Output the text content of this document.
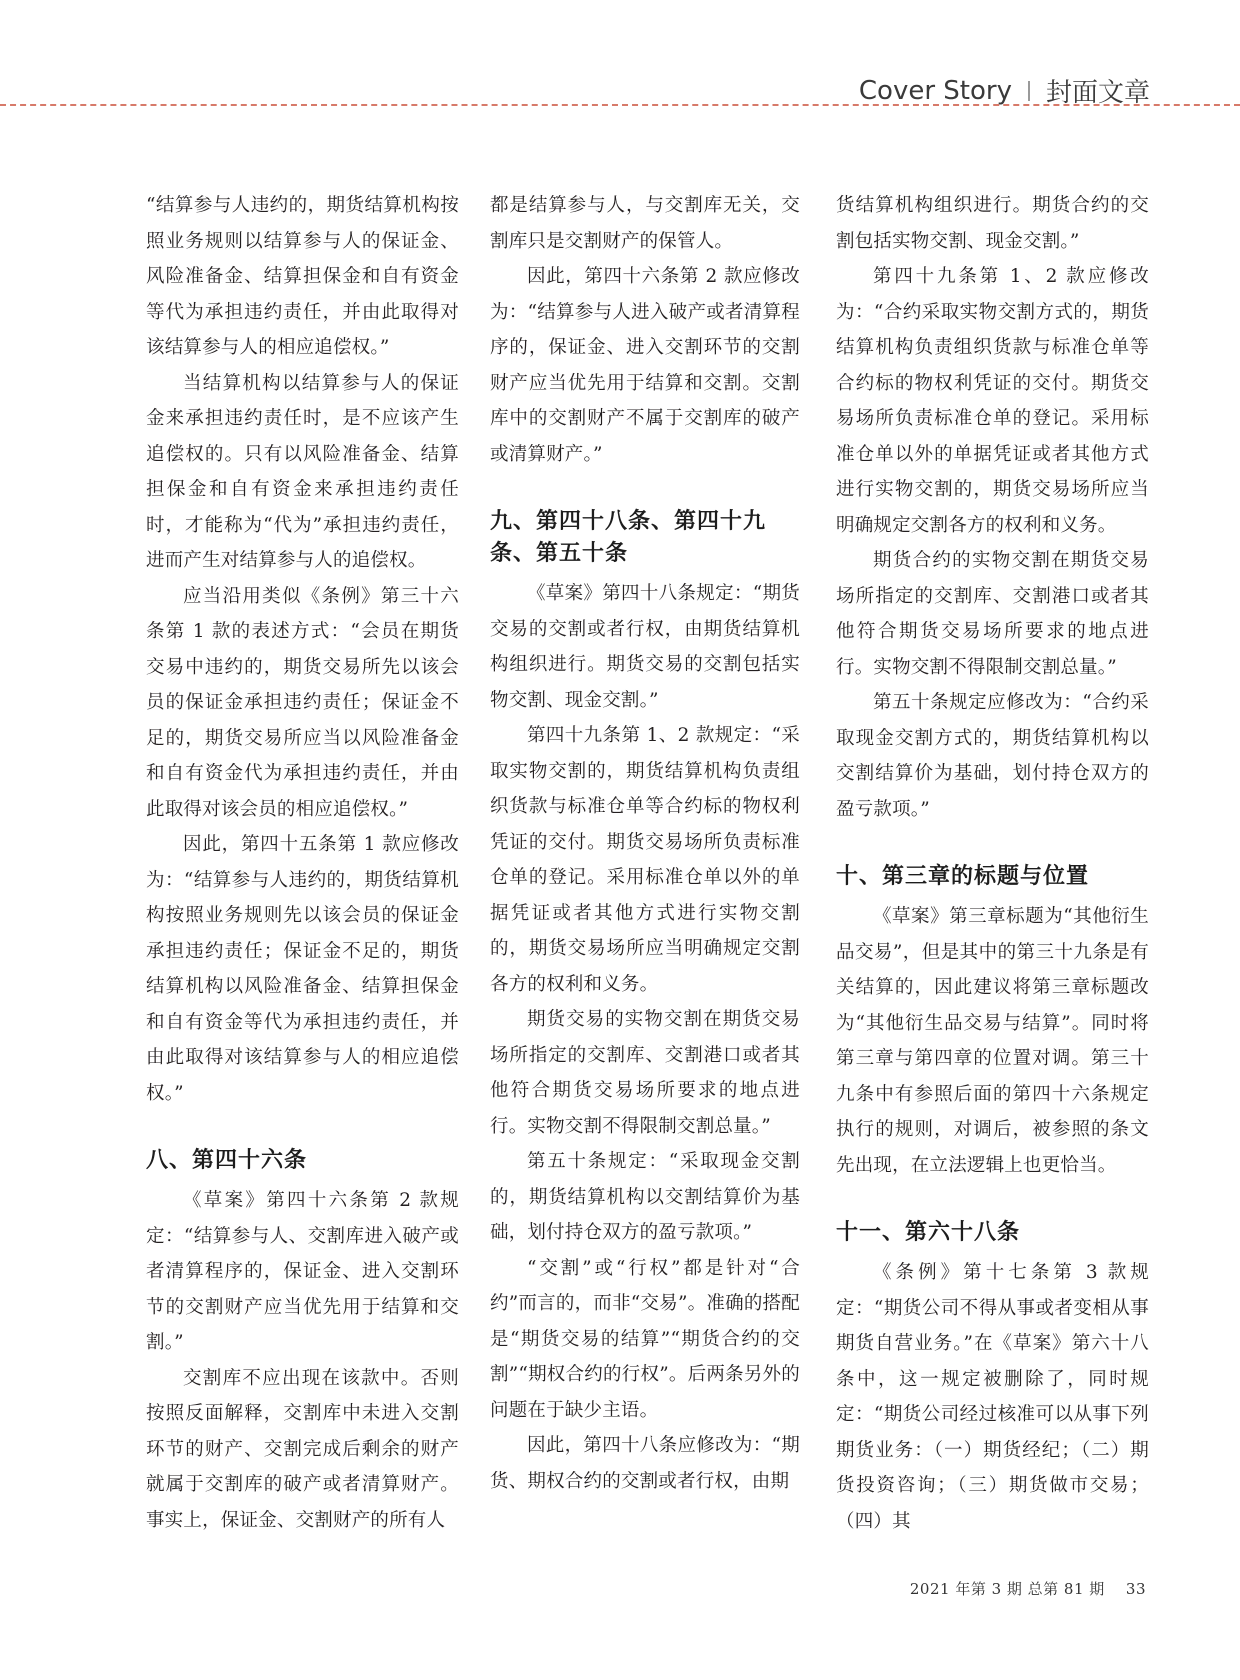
Cover Story 封面文章

“结算参与人违约的，期货结算机构按照业务规则以结算参与人的保证金、风险准备金、结算担保金和自有资金等代为承担违约责任，并由此取得对该结算参与人的相应追偿权。”

当结算机构以结算参与人的保证金来承担违约责任时，是不应该产生追偿权的。只有以风险准备金、结算担保金和自有资金来承担违约责任时，才能称为“代为”承担违约责任，进而产生对结算参与人的追偿权。

应当沿用类似《条例》第三十六条第 1 款的表述方式：“会员在期货交易中违约的，期货交易所先以该会员的保证金承担违约责任；保证金不足的，期货交易所应当以风险准备金和自有资金代为承担违约责任，并由此取得对该会员的相应追偿权。”

因此，第四十五条第 1 款应修改为：“结算参与人违约的，期货结算机构按照业务规则先以该会员的保证金承担违约责任；保证金不足的，期货结算机构以风险准备金、结算担保金和自有资金等代为承担违约责任，并由此取得对该结算参与人的相应追偿权。”

八、第四十六条

《草案》第四十六条第 2 款规定：“结算参与人、交割库进入破产或者清算程序的，保证金、进入交割环节的交割财产应当优先用于结算和交割。”

交割库不应出现在该款中。否则按照反面解释，交割库中未进入交割环节的财产、交割完成后剩余的财产就属于交割库的破产或者清算财产。事实上，保证金、交割财产的所有人

都是结算参与人，与交割库无关，交割库只是交割财产的保管人。

因此，第四十六条第 2 款应修改为：“结算参与人进入破产或者清算程序的，保证金、进入交割环节的交割财产应当优先用于结算和交割。交割库中的交割财产不属于交割库的破产或清算财产。”

九、第四十八条、第四十九条、第五十条

《草案》第四十八条规定：“期货交易的交割或者行权，由期货结算机构组织进行。期货交易的交割包括实物交割、现金交割。”

第四十九条第 1、2 款规定：“采取实物交割的，期货结算机构负责组织货款与标准仓单等合约标的物权利凭证的交付。期货交易场所负责标准仓单的登记。采用标准仓单以外的单据凭证或者其他方式进行实物交割的，期货交易场所应当明确规定交割各方的权利和义务。

期货交易的实物交割在期货交易场所指定的交割库、交割港口或者其他符合期货交易场所要求的地点进行。实物交割不得限制交割总量。”

第五十条规定：“采取现金交割的，期货结算机构以交割结算价为基础，划付持仓双方的盈亏款项。”

“交割”或“行权”都是针对“合约”而言的，而非“交易”。准确的搭配是“期货交易的结算”“期货合约的交割”“期权合约的行权”。后两条另外的问题在于缺少主语。

因此，第四十八条应修改为：“期货、期权合约的交割或者行权，由期

货结算机构组织进行。期货合约的交割包括实物交割、现金交割。”

第四十九条第 1、2 款应修改为：“合约采取实物交割方式的，期货结算机构负责组织货款与标准仓单等合约标的物权利凭证的交付。期货交易场所负责标准仓单的登记。采用标准仓单以外的单据凭证或者其他方式进行实物交割的，期货交易场所应当明确规定交割各方的权利和义务。

期货合约的实物交割在期货交易场所指定的交割库、交割港口或者其他符合期货交易场所要求的地点进行。实物交割不得限制交割总量。”

第五十条规定应修改为：“合约采取现金交割方式的，期货结算机构以交割结算价为基础，划付持仓双方的盈亏款项。”

十、第三章的标题与位置

《草案》第三章标题为“其他衍生品交易”，但是其中的第三十九条是有关结算的，因此建议将第三章标题改为“其他衍生品交易与结算”。同时将第三章与第四章的位置对调。第三十九条中有参照后面的第四十六条规定执行的规则，对调后，被参照的条文先出现，在立法逻辑上也更恰当。

十一、第六十八条

《条例》第十七条第 3 款规定：“期货公司不得从事或者变相从事期货自营业务。”在《草案》第六十八条中，这一规定被删除了，同时规定：“期货公司经过核准可以从事下列期货业务：（一）期货经纪；（二）期货投资咨询；（三）期货做市交易；（四）其

2021 年第 3 期 总第 81 期 33
